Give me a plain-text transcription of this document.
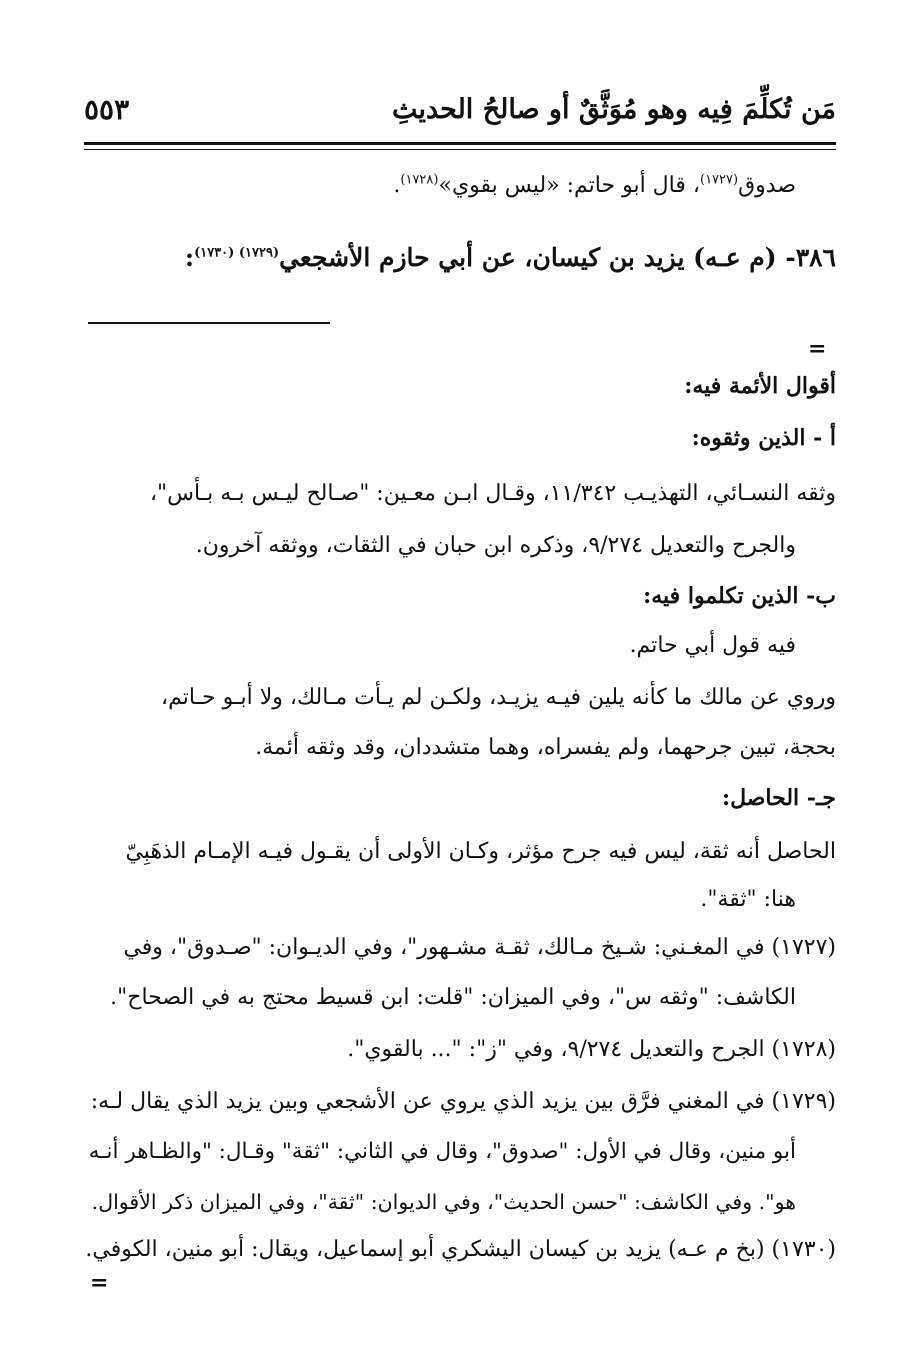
مَن تُكلِّمَ فِيه وهو مُوَثَّقٌ أو صالحُ الحديثِ
٥٥٣
صدوق$^{(١٧٢٧)}$، قال أبو حاتم: «ليس بقوي»$^{(١٧٢٨)}$.
٣٨٦- (م عـه) يزيد بن كيسان، عن أبي حازم الأشجعي$^{(١٧٢٩) (١٧٣٠)}$:
=
أقوال الأئمة فيه:
أ - الذين وثقوه:
وثقه النسـائي، التهذيـب ١١/٣٤٢، وقـال ابـن معـين: "صـالح ليـس بـه بـأس"،
والجرح والتعديل ٩/٢٧٤، وذكره ابن حبان في الثقات، ووثقه آخرون.
ب- الذين تكلموا فيه:
فيه قول أبي حاتم.
وروي عن مالك ما كأنه يلين فيـه يزيـد، ولكـن لم يـأت مـالك، ولا أبـو حـاتم،
بحجة، تبين جرحهما، ولم يفسراه، وهما متشددان، وقد وثقه أئمة.
جـ- الحاصل:
الحاصل أنه ثقة، ليس فيه جرح مؤثر، وكـان الأولى أن يقـول فيـه الإمـام الذهَبِيّ
هنا: "ثقة".
(١٧٢٧) في المغـني: شـيخ مـالك، ثقـة مشـهور"، وفي الديـوان: "صـدوق"، وفي
الكاشف: "وثقه س"، وفي الميزان: "قلت: ابن قسيط محتج به في الصحاح".
(١٧٢٨) الجرح والتعديل ٩/٢٧٤، وفي "ز": "... بالقوي".
(١٧٢٩) في المغني فرَّق بين يزيد الذي يروي عن الأشجعي وبين يزيد الذي يقال لـه:
أبو منين، وقال في الأول: "صدوق"، وقال في الثاني: "ثقة" وقـال: "والظـاهر أنـه
هو". وفي الكاشف: "حسن الحديث"، وفي الديوان: "ثقة"، وفي الميزان ذكر الأقوال.
(١٧٣٠) (بخ م عـه) يزيد بن كيسان اليشكري أبو إسماعيل، ويقال: أبو منين، الكوفي.
=
